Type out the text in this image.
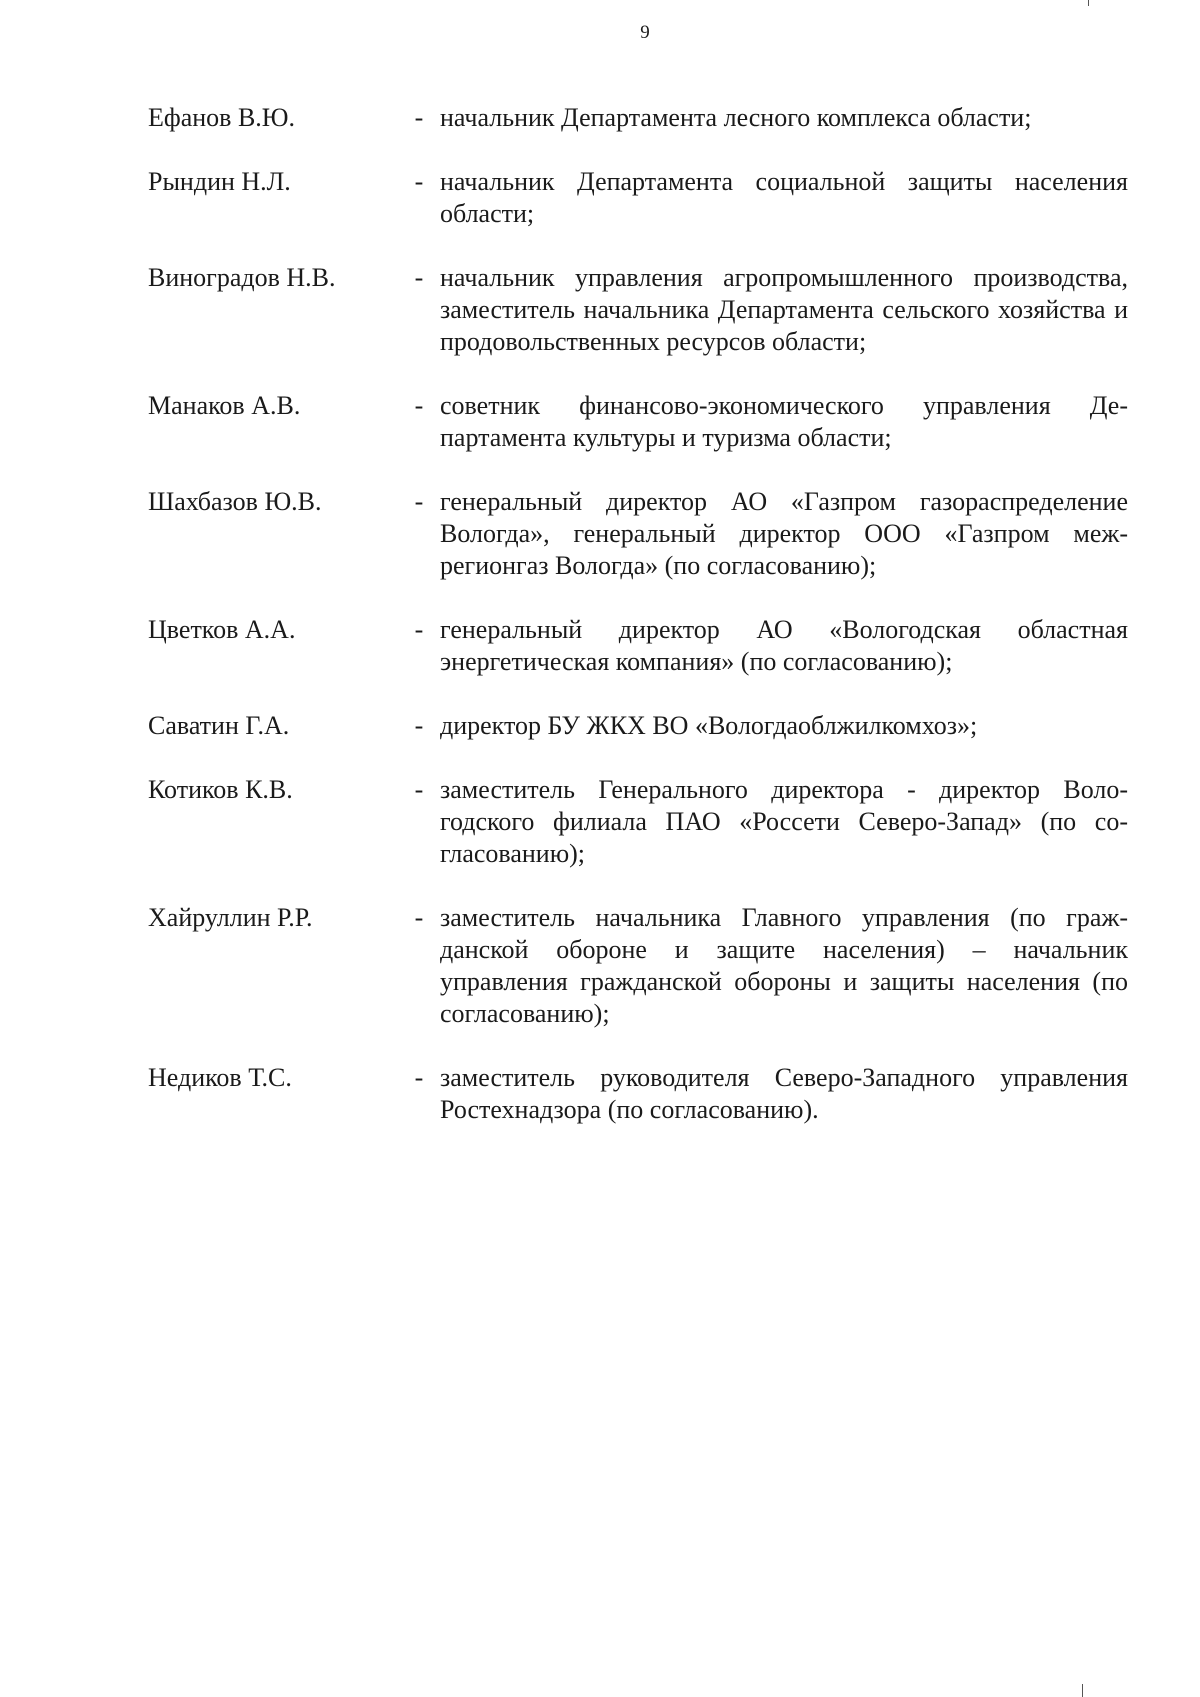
9
Ефанов В.Ю.	- начальник Департамента лесного комплекса области;
Рындин Н.Л.	- начальник Департамента социальной защиты населения области;
Виноградов Н.В.	- начальник управления агропромышленного производства, заместитель начальника Департамента сельского хозяйства и продовольственных ресурсов области;
Манаков А.В.	- советник финансово-экономического управления Департамента культуры и туризма области;
Шахбазов Ю.В.	- генеральный директор АО «Газпром газораспределение Вологда», генеральный директор ООО «Газпром межрегионгаз Вологда» (по согласованию);
Цветков А.А.	- генеральный директор АО «Вологодская областная энергетическая компания» (по согласованию);
Саватин Г.А.	- директор БУ ЖКХ ВО «Вологдаоблжилкомхоз»;
Котиков К.В.	- заместитель Генерального директора - директор Вологодского филиала ПАО «Россети Северо-Запад» (по согласованию);
Хайруллин Р.Р.	- заместитель начальника Главного управления (по гражданской обороне и защите населения) – начальник управления гражданской обороны и защиты населения (по согласованию);
Недиков Т.С.	- заместитель руководителя Северо-Западного управления Ростехнадзора (по согласованию).
